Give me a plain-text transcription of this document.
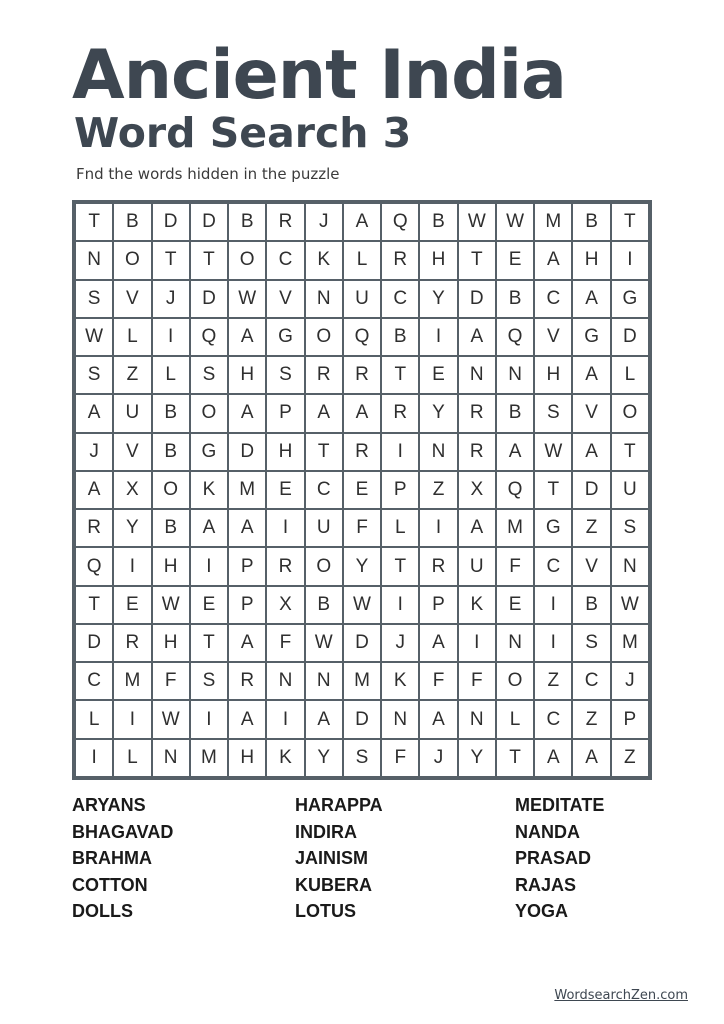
Ancient India
Word Search 3

Fnd the words hidden in the puzzle

T	B	D	D	B	R	J	A	Q	B	W	W	M	B	T
N	O	T	T	O	C	K	L	R	H	T	E	A	H	I
S	V	J	D	W	V	N	U	C	Y	D	B	C	A	G
W	L	I	Q	A	G	O	Q	B	I	A	Q	V	G	D
S	Z	L	S	H	S	R	R	T	E	N	N	H	A	L
A	U	B	O	A	P	A	A	R	Y	R	B	S	V	O
J	V	B	G	D	H	T	R	I	N	R	A	W	A	T
A	X	O	K	M	E	C	E	P	Z	X	Q	T	D	U
R	Y	B	A	A	I	U	F	L	I	A	M	G	Z	S
Q	I	H	I	P	R	O	Y	T	R	U	F	C	V	N
T	E	W	E	P	X	B	W	I	P	K	E	I	B	W
D	R	H	T	A	F	W	D	J	A	I	N	I	S	M
C	M	F	S	R	N	N	M	K	F	F	O	Z	C	J
L	I	W	I	A	I	A	D	N	A	N	L	C	Z	P
I	L	N	M	H	K	Y	S	F	J	Y	T	A	A	Z
ARYANS
BHAGAVAD
BRAHMA
COTTON
DOLLS
HARAPPA
INDIRA
JAINISM
KUBERA
LOTUS
MEDITATE
NANDA
PRASAD
RAJAS
YOGA
WordsearchZen.com
